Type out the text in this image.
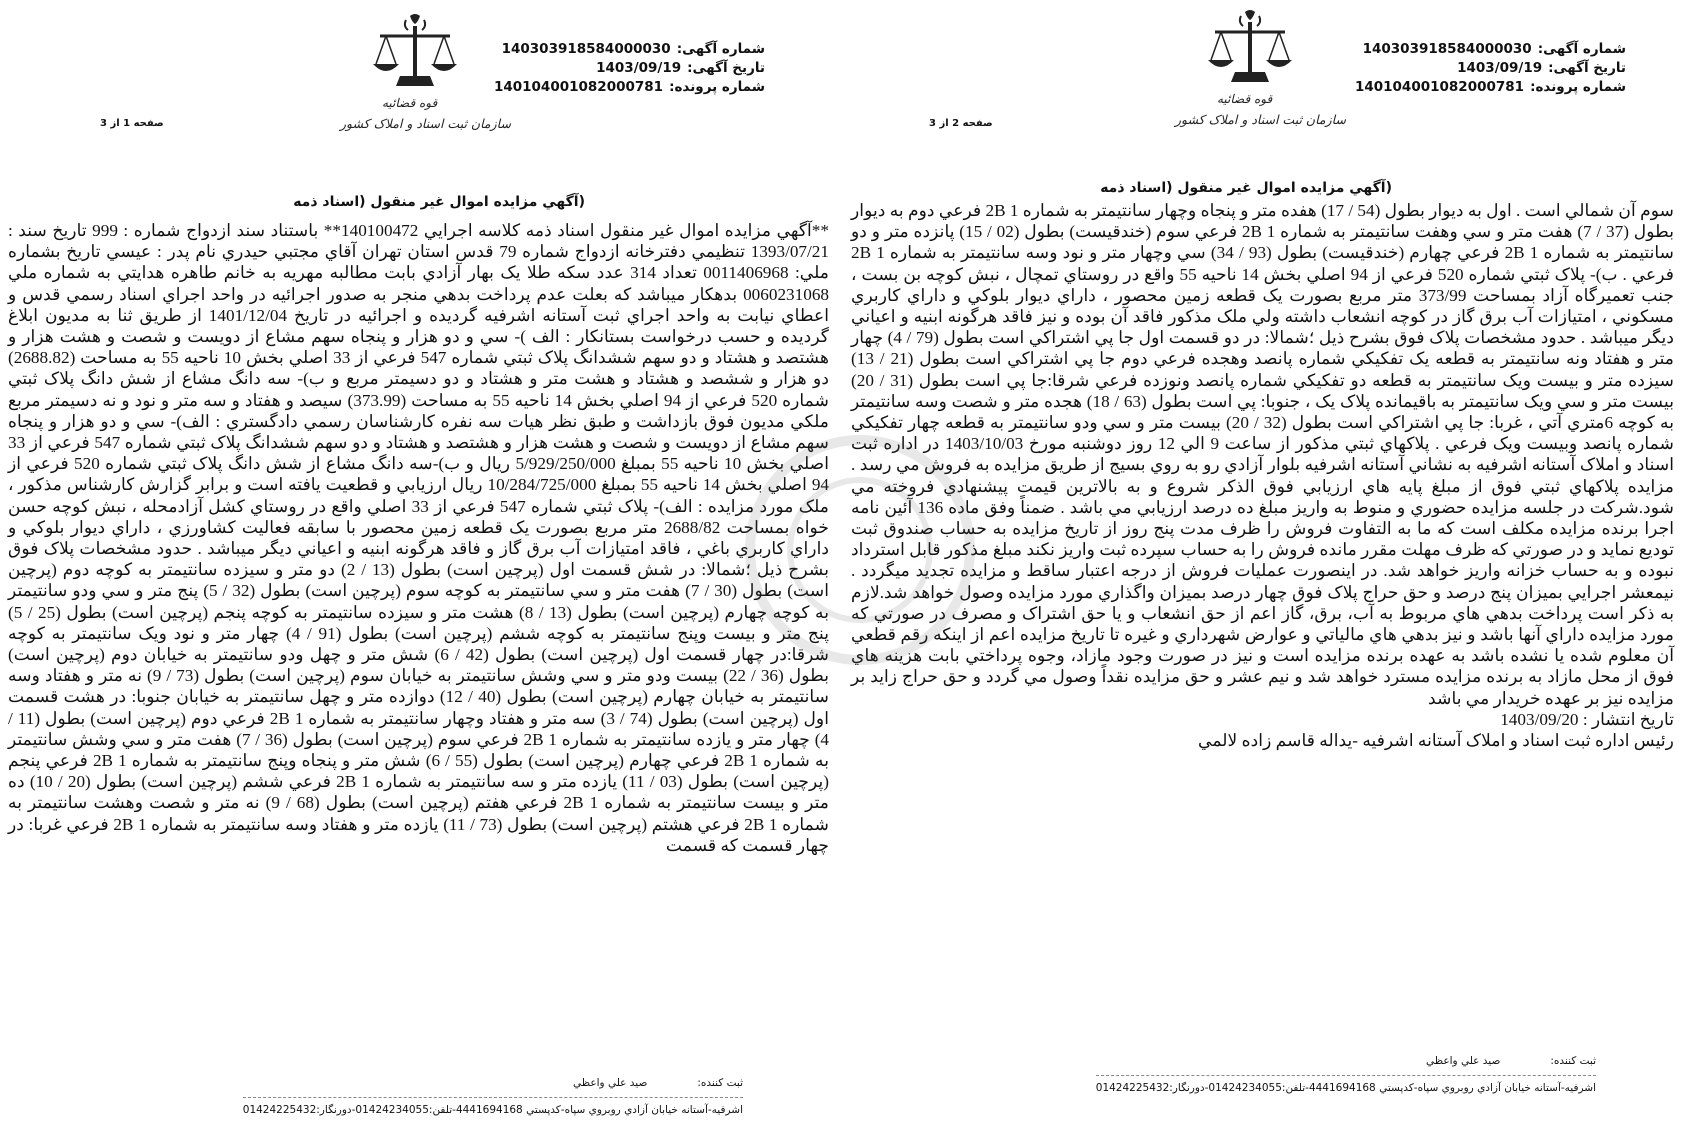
شماره آگهی:140303918584000030
تاریخ آگهی:1403/09/19
شماره پرونده:140104001082000781
قوه قضائیه
سازمان ثبت اسناد و املاک کشور
صفحه 1 از 3
(آگهي مزايده اموال غير منقول (اسناد ذمه

**آگهي مزايده اموال غير منقول اسناد ذمه كلاسه اجرايي 140100472** باستناد سند ازدواج شماره : 999 تاريخ سند : 1393/07/21 تنظيمي دفترخانه ازدواج شماره 79 قدس استان تهران آقاي مجتبي حيدري نام پدر : عيسي تاريخ بشماره ملي: 0011406968 تعداد 314 عدد سكه طلا يک بهار آزادي بابت مطالبه مهريه به خانم طاهره هدايتي به شماره ملي 0060231068 بدهكار ميباشد كه بعلت عدم پرداخت بدهي منجر به صدور اجرائيه در واحد اجراي اسناد رسمي قدس و اعطاي نيابت به واحد اجراي ثبت آستانه اشرفيه گرديده و اجرائيه در تاريخ 1401/12/04 از طريق ثنا به مديون ابلاغ گرديده و حسب درخواست بستانكار : الف )- سي و دو هزار و پنجاه سهم مشاع از دويست و شصت و هشت هزار و هشتصد و هشتاد و دو سهم ششدانگ پلاک ثبتي شماره 547 فرعي از 33 اصلي بخش 10 ناحيه 55 به مساحت (2688.82) دو هزار و ششصد و هشتاد و هشت متر و هشتاد و دو دسيمتر مربع و ب)- سه دانگ مشاع از شش دانگ پلاک ثبتي شماره 520 فرعي از 94 اصلي بخش 14 ناحيه 55 به مساحت (373.99) سيصد و هفتاد و سه متر و نود و نه دسيمتر مربع ملكي مديون فوق بازداشت و طبق نظر هيات سه نفره كارشناسان رسمي دادگستري : الف)- سي و دو هزار و پنجاه سهم مشاع از دويست و شصت و هشت هزار و هشتصد و هشتاد و دو سهم ششدانگ پلاک ثبتي شماره 547 فرعي از 33 اصلي بخش 10 ناحيه 55 بمبلغ 5/929/250/000 ريال و ب)-سه دانگ مشاع از شش دانگ پلاک ثبتي شماره 520 فرعي از 94 اصلي بخش 14 ناحيه 55 بمبلغ 10/284/725/000 ريال ارزيابي و قطعيت يافته است و برابر گزارش كارشناس مذكور ، ملک مورد مزايده : الف)- پلاک ثبتي شماره 547 فرعي از 33 اصلي واقع در روستاي كشل آزادمحله ، نبش كوچه حسن خواه بمساحت 2688/82 متر مربع بصورت يک قطعه زمين محصور با سابقه فعاليت كشاورزي ، داراي ديوار بلوكي و داراي كاربري باغي ، فاقد امتيازات آب برق گاز و فاقد هرگونه ابنيه و اعياني ديگر ميباشد . حدود مشخصات پلاک فوق بشرح ذيل ؛شمالا: در شش قسمت اول (پرچين است) بطول (13 / 2) دو متر و سيزده سانتيمتر به كوچه دوم (پرچين است) بطول (30 / 7) هفت متر و سي سانتيمتر به كوچه سوم (پرچين است) بطول (32 / 5) پنج متر و سي ودو سانتيمتر به كوچه چهارم (پرچين است) بطول (13 / 8) هشت متر و سيزده سانتيمتر به كوچه پنجم (پرچين است) بطول (25 / 5) پنج متر و بيست وپنج سانتيمتر به كوچه ششم (پرچين است) بطول (91 / 4) چهار متر و نود ويک سانتيمتر به كوچه شرقا:در چهار قسمت اول (پرچين است) بطول (42 / 6) شش متر و چهل ودو سانتيمتر به خيابان دوم (پرچين است) بطول (36 / 22) بيست ودو متر و سي وشش سانتيمتر به خيابان سوم (پرچين است) بطول (73 / 9) نه متر و هفتاد وسه سانتيمتر به خيابان چهارم (پرچين است) بطول (40 / 12) دوازده متر و چهل سانتيمتر به خيابان جنوبا: در هشت قسمت اول (پرچين است) بطول (74 / 3) سه متر و هفتاد وچهار سانتيمتر به شماره 1 2B فرعي دوم (پرچين است) بطول (11 / 4) چهار متر و يازده سانتيمتر به شماره 1 2B فرعي سوم (پرچين است) بطول (36 / 7) هفت متر و سي وشش سانتيمتر به شماره 1 2B فرعي چهارم (پرچين است) بطول (55 / 6) شش متر و پنجاه وپنج سانتيمتر به شماره 1 2B فرعي پنجم (پرچين است) بطول (03 / 11) يازده متر و سه سانتيمتر به شماره 1 2B فرعي ششم (پرچين است) بطول (20 / 10) ده متر و بيست سانتيمتر به شماره 1 2B فرعي هفتم (پرچين است) بطول (68 / 9) نه متر و شصت وهشت سانتيمتر به شماره 1 2B فرعي هشتم (پرچين است) بطول (73 / 11) يازده متر و هفتاد وسه سانتيمتر به شماره 1 2B فرعي غربا: در چهار قسمت كه قسمت

ثبت كننده:صيد علي واعظي
اشرفيه-آستانه خيابان آزادي روبروي سپاه-كدپستي 4441694168-تلفن:01424234055-دورنگار:01424225432
شماره آگهی:140303918584000030
تاریخ آگهی:1403/09/19
شماره پرونده:140104001082000781
قوه قضائیه
سازمان ثبت اسناد و املاک کشور
صفحه 2 از 3
(آگهي مزايده اموال غير منقول (اسناد ذمه

سوم آن شمالي است . اول به ديوار بطول (54 / 17) هفده متر و پنجاه وچهار سانتيمتر به شماره 1 2B فرعي دوم به ديوار بطول (37 / 7) هفت متر و سي وهفت سانتيمتر به شماره 1 2B فرعي سوم (خندقيست) بطول (02 / 15) پانزده متر و دو سانتيمتر به شماره 1 2B فرعي چهارم (خندقيست) بطول (93 / 34) سي وچهار متر و نود وسه سانتيمتر به شماره 1 2B فرعي . ب)- پلاک ثبتي شماره 520 فرعي از 94 اصلي بخش 14 ناحيه 55 واقع در روستاي تمچال ، نبش كوچه بن بست ، جنب تعميرگاه آزاد بمساحت 373/99 متر مربع بصورت يک قطعه زمين محصور ، داراي ديوار بلوكي و داراي كاربري مسكوني ، امتيازات آب برق گاز در كوچه انشعاب داشته ولي ملک مذكور فاقد آن بوده و نيز فاقد هرگونه ابنيه و اعياني ديگر ميباشد . حدود مشخصات پلاک فوق بشرح ذيل ؛شمالا: در دو قسمت اول جا پي اشتراكي است بطول (79 / 4) چهار متر و هفتاد ونه سانتيمتر به قطعه يک تفكيكي شماره پانصد وهجده فرعي دوم جا پي اشتراكي است بطول (21 / 13) سيزده متر و بيست ويک سانتيمتر به قطعه دو تفكيكي شماره پانصد ونوزده فرعي شرقا:جا پي است بطول (31 / 20) بيست متر و سي ويک سانتيمتر به باقيمانده پلاک يک ، جنوبا: پي است بطول (63 / 18) هجده متر و شصت وسه سانتيمتر به كوچه 6متري آتي ، غربا: جا پي اشتراكي است بطول (32 / 20) بيست متر و سي ودو سانتيمتر به قطعه چهار تفكيكي شماره پانصد وبيست ويک فرعي . پلاكهاي ثبتي مذكور از ساعت 9 الي 12 روز دوشنبه مورخ 1403/10/03 در اداره ثبت اسناد و املاک آستانه اشرفيه به نشاني آستانه اشرفيه بلوار آزادي رو به روي بسيج از طريق مزايده به فروش مي رسد . مزايده پلاكهاي ثبتي فوق از مبلغ پايه هاي ارزيابي فوق الذكر شروع و به بالاترين قيمت پيشنهادي فروخته مي شود.شركت در جلسه مزايده حضوري و منوط به واريز مبلغ ده درصد ارزيابي مي باشد . ضمناً وفق ماده 136 آئين نامه اجرا برنده مزايده مكلف است كه ما به التفاوت فروش را ظرف مدت پنج روز از تاريخ مزايده به حساب صندوق ثبت توديع نمايد و در صورتي كه ظرف مهلت مقرر مانده فروش را به حساب سپرده ثبت واريز نكند مبلغ مذكور قابل استرداد نبوده و به حساب خزانه واريز خواهد شد. در اينصورت عمليات فروش از درجه اعتبار ساقط و مزايده تجديد ميگردد . نيمعشر اجرايي بميزان پنج درصد و حق حراج پلاک فوق چهار درصد بميزان واگذاري مورد مزايده وصول خواهد شد.لازم به ذكر است پرداخت بدهي هاي مربوط به آب، برق، گاز اعم از حق انشعاب و يا حق اشتراک و مصرف در صورتي كه مورد مزايده داراي آنها باشد و نيز بدهي هاي مالياتي و عوارض شهرداري و غيره تا تاريخ مزايده اعم از اينكه رقم قطعي آن معلوم شده يا نشده باشد به عهده برنده مزايده است و نيز در صورت وجود مازاد، وجوه پرداختي بابت هزينه هاي فوق از محل مازاد به برنده مزايده مسترد خواهد شد و نيم عشر و حق مزايده نقداً وصول مي گردد و حق حراج زايد بر مزايده نيز بر عهده خريدار مي باشد

تاريخ انتشار : 1403/09/20

رئيس اداره ثبت اسناد و املاک آستانه اشرفيه -يداله قاسم زاده لالمي

ثبت كننده:صيد علي واعظي
اشرفيه-آستانه خيابان آزادي روبروي سپاه-كدپستي 4441694168-تلفن:01424234055-دورنگار:01424225432
